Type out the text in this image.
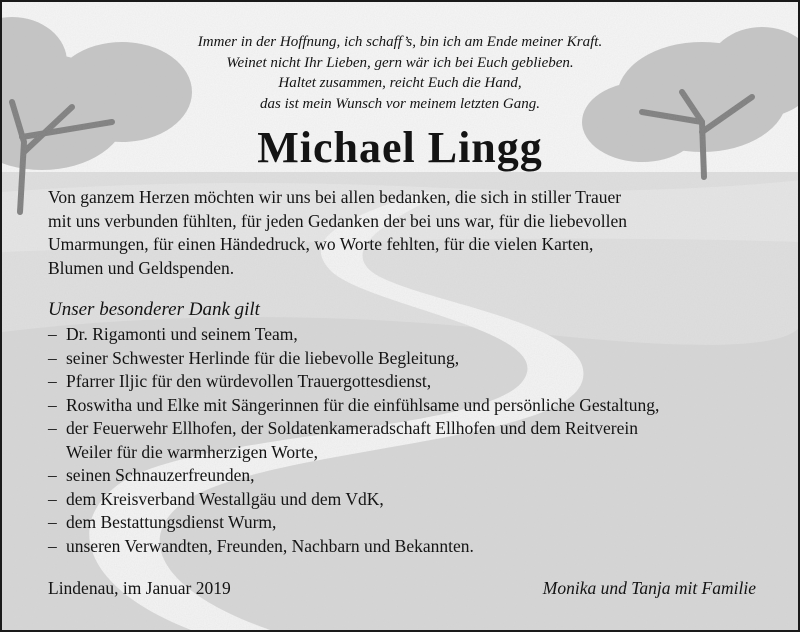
Immer in der Hoffnung, ich schaff’s, bin ich am Ende meiner Kraft.
Weinet nicht Ihr Lieben, gern wär ich bei Euch geblieben.
Haltet zusammen, reicht Euch die Hand,
das ist mein Wunsch vor meinem letzten Gang.
Michael Lingg
Von ganzem Herzen möchten wir uns bei allen bedanken, die sich in stiller Trauer
mit uns verbunden fühlten, für jeden Gedanken der bei uns war, für die liebevollen
Umarmungen, für einen Händedruck, wo Worte fehlten, für die vielen Karten,
Blumen und Geldspenden.
Unser besonderer Dank gilt
– Dr. Rigamonti und seinem Team,
– seiner Schwester Herlinde für die liebevolle Begleitung,
– Pfarrer Iljic für den würdevollen Trauergottesdienst,
– Roswitha und Elke mit Sängerinnen für die einfühlsame und persönliche Gestaltung,
– der Feuerwehr Ellhofen, der Soldatenkameradschaft Ellhofen und dem Reitverein
Weiler für die warmherzigen Worte,
– seinen Schnauzerfreunden,
– dem Kreisverband Westallgäu und dem VdK,
– dem Bestattungsdienst Wurm,
– unseren Verwandten, Freunden, Nachbarn und Bekannten.
Lindenau, im Januar 2019	Monika und Tanja mit Familie
